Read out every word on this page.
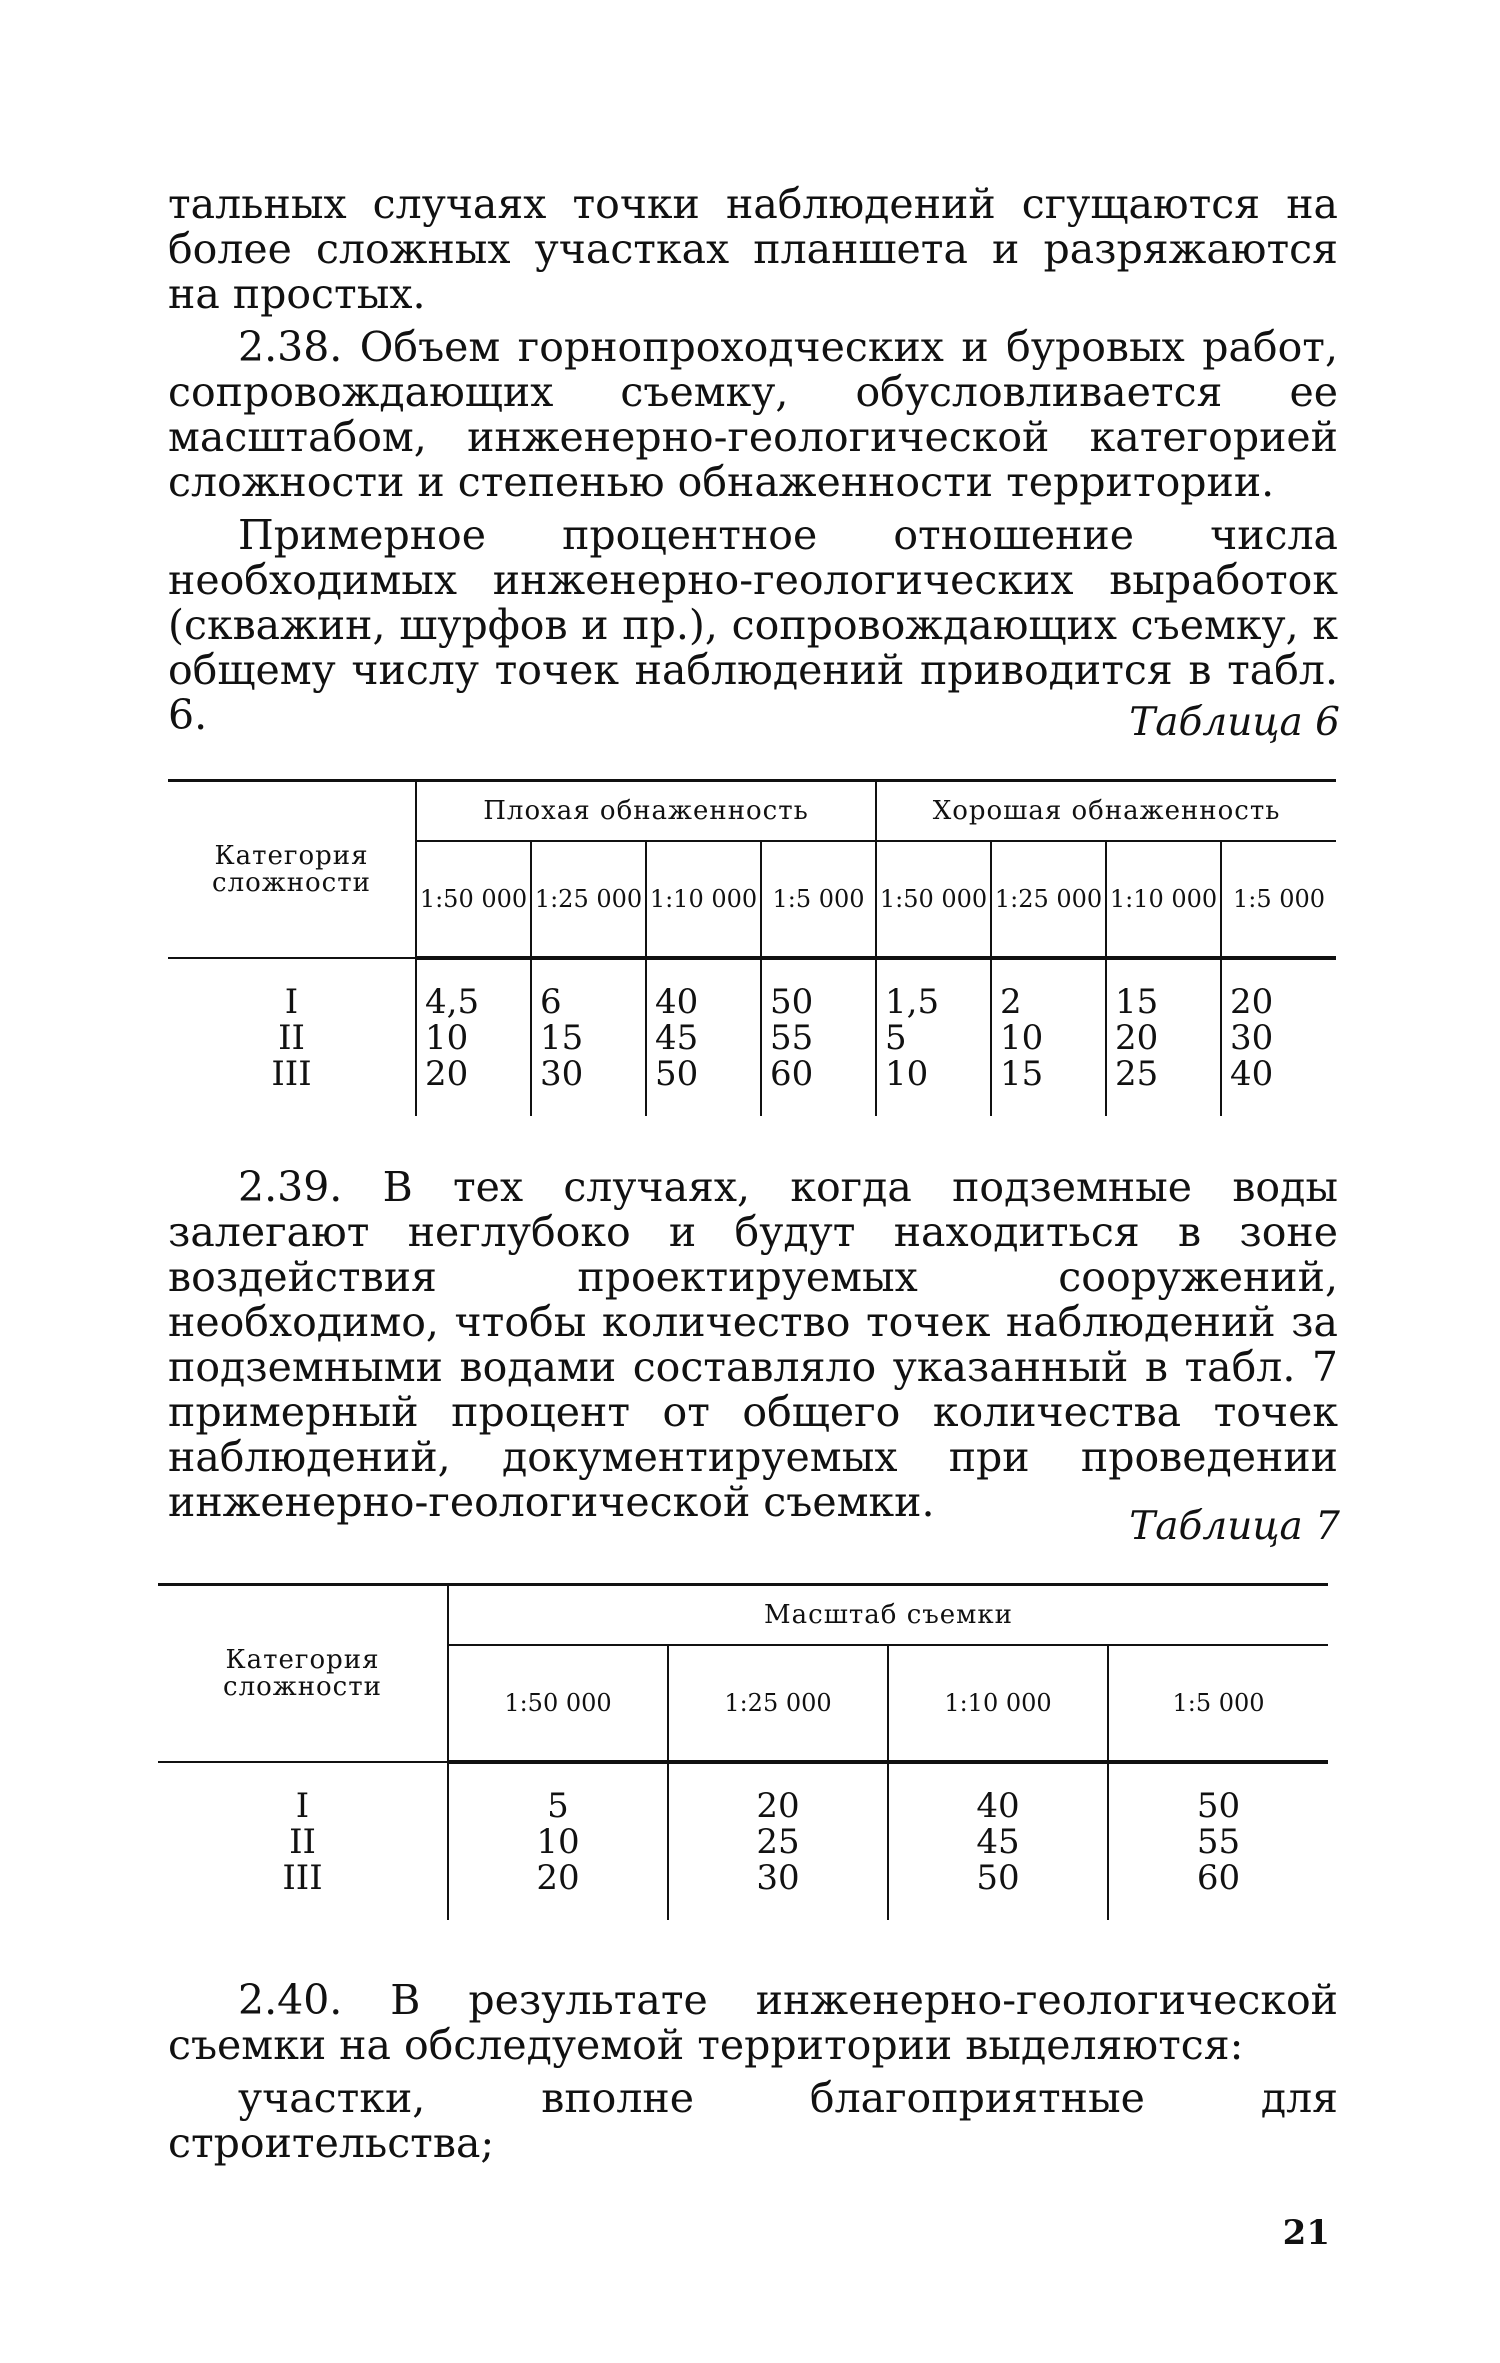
тальных случаях точки наблюдений сгущаются на более сложных участках планшета и разряжаются на простых.

2.38. Объем горнопроходческих и буровых работ, сопровождающих съемку, обусловливается ее масштабом, инженерно-геологической категорией сложности и степенью обнаженности территории.

Примерное процентное отношение числа необходимых инженерно-геологических выработок (скважин, шурфов и пр.), сопровождающих съемку, к общему числу точек наблюдений приводится в табл. 6.	Таблица 6

Категория сложности	Плохая обнаженность				Хорошая обнаженность			
	1:50 000	1:25 000	1:10 000	1:5 000	1:50 000	1:25 000	1:10 000	1:5 000
I	4,5	6	40	50	1,5	2	15	20
II	10	15	45	55	5	10	20	30
III	20	30	50	60	10	15	25	40

2.39. В тех случаях, когда подземные воды залегают неглубоко и будут находиться в зоне воздействия проектируемых сооружений, необходимо, чтобы количество точек наблюдений за подземными водами составляло указанный в табл. 7 примерный процент от общего количества точек наблюдений, документируемых при проведении инженерно-геологической съемки.

Таблица 7

Категория сложности	Масштаб съемки			
	1:50 000	1:25 000	1:10 000	1:5 000
I	5	20	40	50
II	10	25	45	55
III	20	30	50	60

2.40. В результате инженерно-геологической съемки на обследуемой территории выделяются:

участки, вполне благоприятные для строительства;

21
